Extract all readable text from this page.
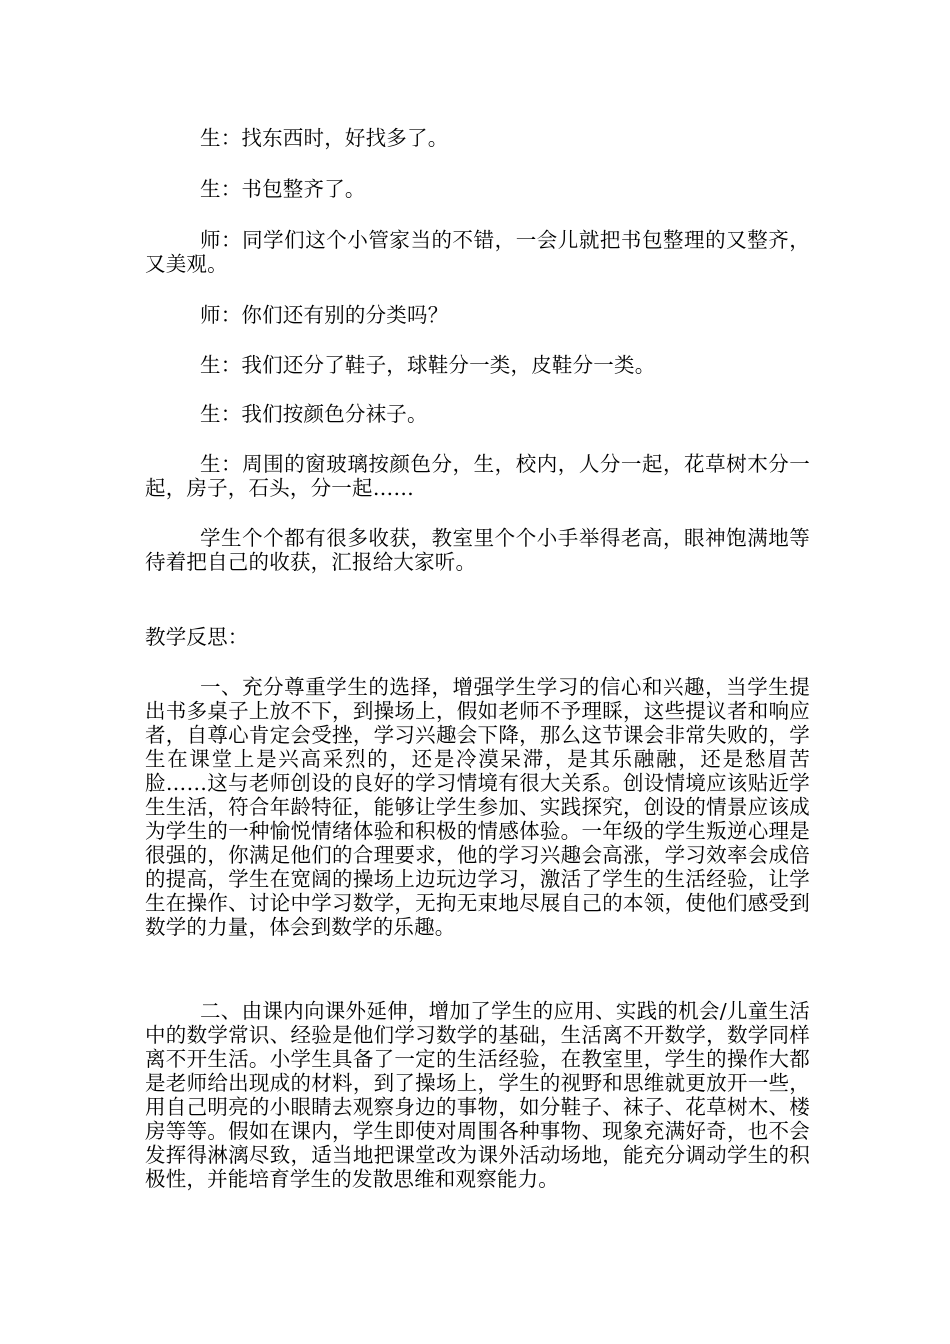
生：找东西时，好找多了。

生：书包整齐了。

师：同学们这个小管家当的不错，一会儿就把书包整理的又整齐，又美观。

师：你们还有别的分类吗？

生：我们还分了鞋子，球鞋分一类，皮鞋分一类。

生：我们按颜色分袜子。

生：周围的窗玻璃按颜色分，生，校内，人分一起，花草树木分一起，房子，石头，分一起……

学生个个都有很多收获，教室里个个小手举得老高，眼神饱满地等待着把自己的收获，汇报给大家听。

教学反思：

一、充分尊重学生的选择，增强学生学习的信心和兴趣，当学生提出书多桌子上放不下，到操场上，假如老师不予理睬，这些提议者和响应者，自尊心肯定会受挫，学习兴趣会下降，那么这节课会非常失败的，学生在课堂上是兴高采烈的，还是冷漠呆滞，是其乐融融，还是愁眉苦脸……这与老师创设的良好的学习情境有很大关系。创设情境应该贴近学生生活，符合年龄特征，能够让学生参加、实践探究，创设的情景应该成为学生的一种愉悦情绪体验和积极的情感体验。一年级的学生叛逆心理是很强的，你满足他们的合理要求，他的学习兴趣会高涨，学习效率会成倍的提高，学生在宽阔的操场上边玩边学习，激活了学生的生活经验，让学生在操作、讨论中学习数学，无拘无束地尽展自己的本领，使他们感受到数学的力量，体会到数学的乐趣。

二、由课内向课外延伸，增加了学生的应用、实践的机会/儿童生活中的数学常识、经验是他们学习数学的基础，生活离不开数学，数学同样离不开生活。小学生具备了一定的生活经验，在教室里，学生的操作大都是老师给出现成的材料，到了操场上，学生的视野和思维就更放开一些，用自己明亮的小眼睛去观察身边的事物，如分鞋子、袜子、花草树木、楼房等等。假如在课内，学生即使对周围各种事物、现象充满好奇，也不会发挥得淋漓尽致，适当地把课堂改为课外活动场地，能充分调动学生的积极性，并能培育学生的发散思维和观察能力。
